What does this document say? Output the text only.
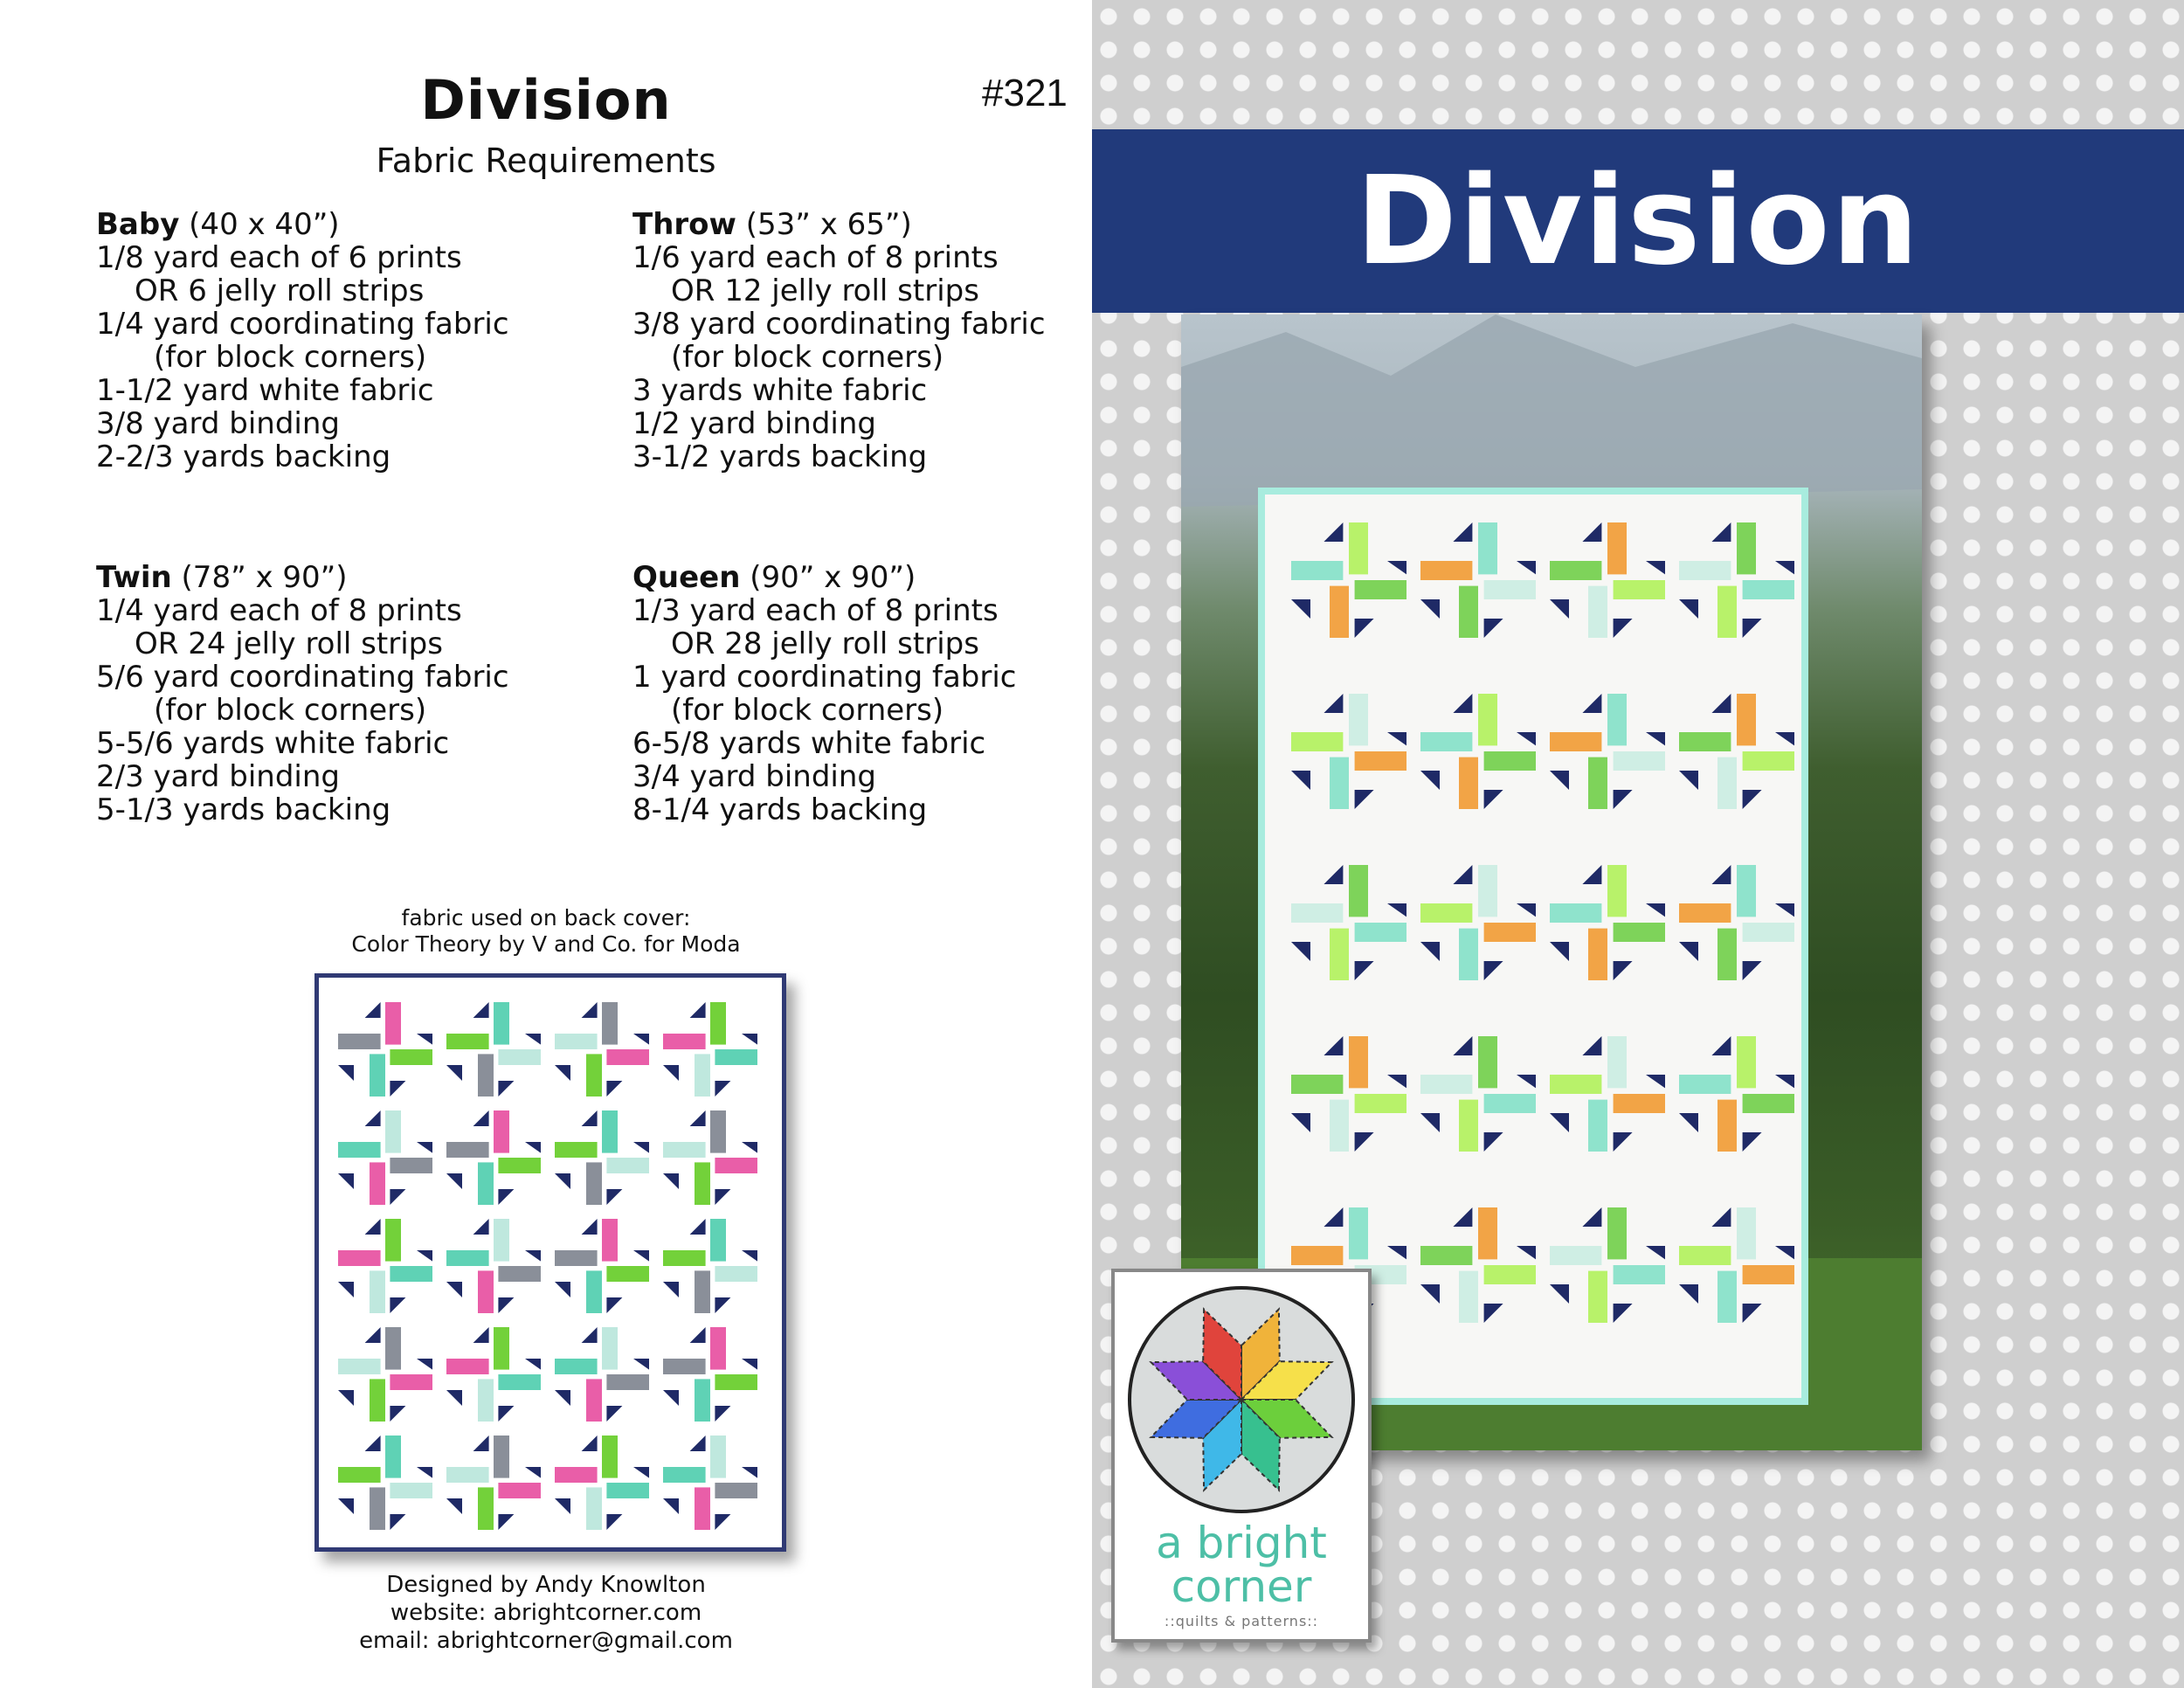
Division	#321
Fabric Requirements
Baby (40 x 40”)
1/8 yard each of 6 prints
OR 6 jelly roll strips
1/4 yard coordinating fabric
(for block corners)
1-1/2 yard white fabric
3/8 yard binding
2-2/3 yards backing
Throw (53” x 65”)
1/6 yard each of 8 prints
OR 12 jelly roll strips
3/8 yard coordinating fabric
(for block corners)
3 yards white fabric
1/2 yard binding
3-1/2 yards backing
Twin (78” x 90”)
1/4 yard each of 8 prints
OR 24 jelly roll strips
5/6 yard coordinating fabric
(for block corners)
5-5/6 yards white fabric
2/3 yard binding
5-1/3 yards backing
Queen (90” x 90”)
1/3 yard each of 8 prints
OR 28 jelly roll strips
1 yard coordinating fabric
(for block corners)
6-5/8 yards white fabric
3/4 yard binding
8-1/4 yards backing
fabric used on back cover:
Color Theory by V and Co. for Moda
Designed by Andy Knowlton
website: abrightcorner.com
email: abrightcorner@gmail.com
Division
a bright
corner
::quilts & patterns::
